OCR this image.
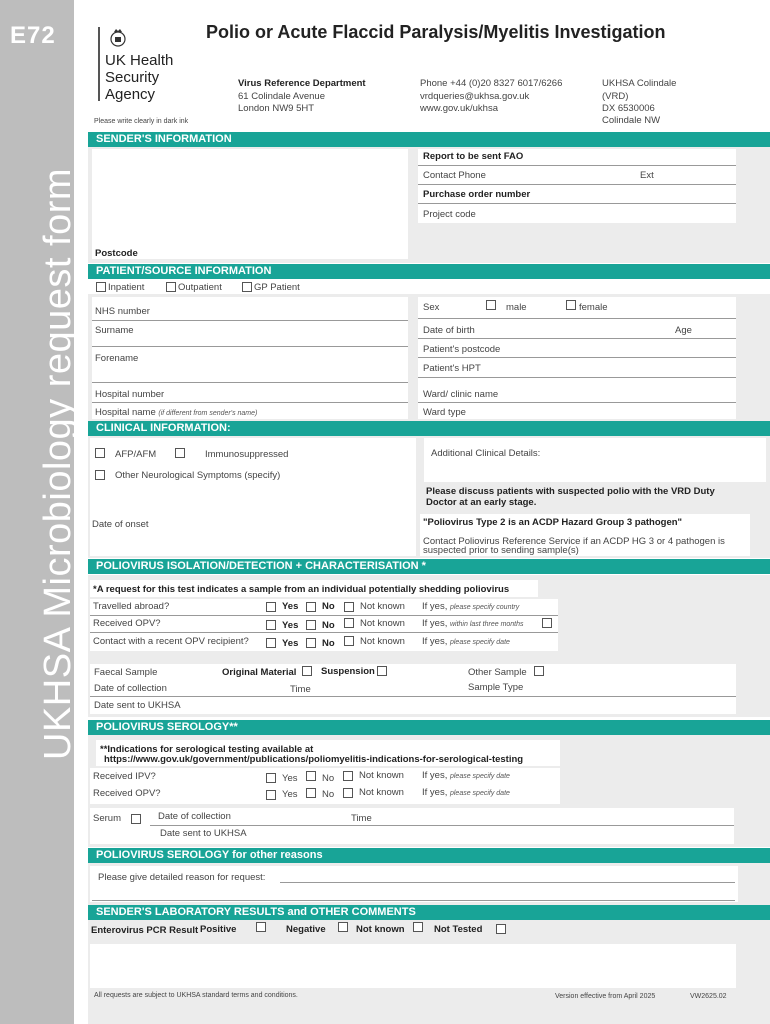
E72
UKHSA Microbiology request form
UK Health
Security
Agency
Polio or Acute Flaccid Paralysis/Myelitis Investigation
Virus Reference Department
61 Colindale Avenue
London NW9 5HT
Phone +44 (0)20 8327 6017/6266
vrdqueries@ukhsa.gov.uk
www.gov.uk/ukhsa
UKHSA Colindale
(VRD)
DX 6530006
Colindale NW
Please write clearly in dark ink
SENDER'S INFORMATION
Postcode
Report to be sent FAO
Contact Phone	Ext
Purchase order number
Project code
PATIENT/SOURCE INFORMATION
Inpatient	Outpatient	GP Patient
NHS number
Surname
Forename
Hospital number
Hospital name (if different from sender's name)
Sex	male	female
Date of birth	Age
Patient's postcode
Patient's HPT
Ward/ clinic name
Ward type
CLINICAL INFORMATION:
AFP/AFM	Immunosuppressed
Other Neurological Symptoms (specify)
Date of onset
Additional Clinical Details:
Please discuss patients with suspected polio with the VRD Duty
Doctor at an early stage.
"Poliovirus Type 2 is an ACDP Hazard Group 3 pathogen"
Contact Poliovirus Reference Service if an ACDP HG 3 or 4 pathogen is
suspected prior to sending sample(s)
POLIOVIRUS ISOLATION/DETECTION + CHARACTERISATION *
*A request for this test indicates a sample from an individual potentially shedding poliovirus
Travelled abroad?	Yes No	Not known If yes, please specify country
Received OPV?	Yes No	Not known If yes, within last three months
Contact with a recent OPV recipient?	Yes No	Not known If yes, please specify date
Faecal Sample	Original Material	Suspension	Other Sample
Date of collection	Time	Sample Type
Date sent to UKHSA
POLIOVIRUS SEROLOGY**
**Indications for serological testing available at
https://www.gov.uk/government/publications/poliomyelitis-indications-for-serological-testing
Received IPV?	Yes	No	Not known If yes, please specify date
Received OPV?	Yes	No	Not known If yes, please specify date
Serum	Date of collection	Time
Date sent to UKHSA
POLIOVIRUS SEROLOGY for other reasons
Please give detailed reason for request:
SENDER'S LABORATORY RESULTS and OTHER COMMENTS
Enterovirus PCR Result Positive	Negative	Not known	Not Tested
All requests are subject to UKHSA standard terms and conditions.	Version effective from April 2025	VW2625.02
